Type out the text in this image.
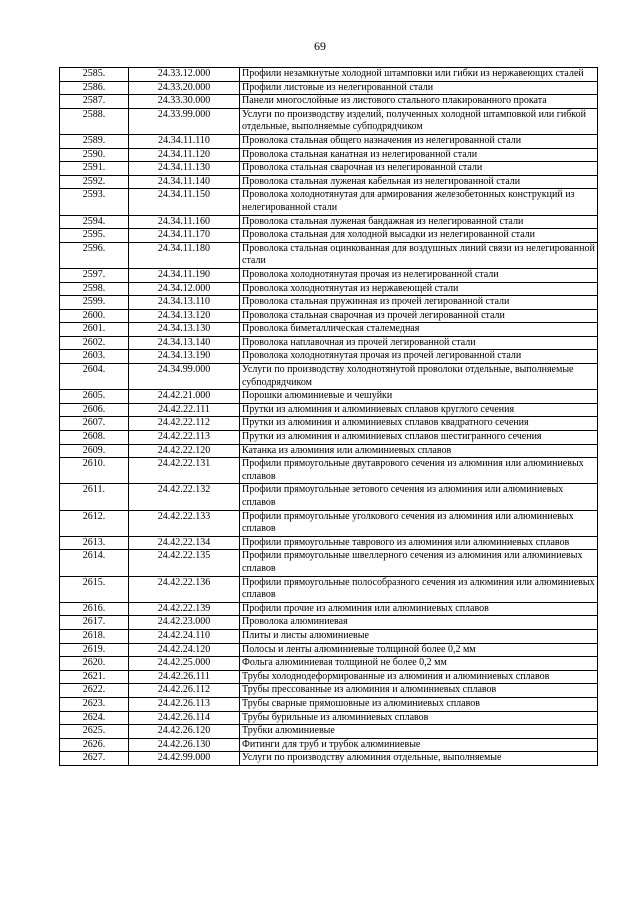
69
2585.	24.33.12.000	Профили незамкнутые холодной штамповки или гибки из нержавеющих сталей
2586.	24.33.20.000	Профили листовые из нелегированной стали
2587.	24.33.30.000	Панели многослойные из листового стального плакированного проката
2588.	24.33.99.000	Услуги по производству изделий, полученных холодной штамповкой или гибкой отдельные, выполняемые субподрядчиком
2589.	24.34.11.110	Проволока стальная общего назначения из нелегированной стали
2590.	24.34.11.120	Проволока стальная канатная из нелегированной стали
2591.	24.34.11.130	Проволока стальная сварочная из нелегированной стали
2592.	24.34.11.140	Проволока стальная луженая кабельная из нелегированной стали
2593.	24.34.11.150	Проволока холоднотянутая для армирования железобетонных конструкций из нелегированной стали
2594.	24.34.11.160	Проволока стальная луженая бандажная из нелегированной стали
2595.	24.34.11.170	Проволока стальная для холодной высадки из нелегированной стали
2596.	24.34.11.180	Проволока стальная оцинкованная для воздушных линий связи из нелегированной стали
2597.	24.34.11.190	Проволока холоднотянутая прочая из нелегированной стали
2598.	24.34.12.000	Проволока холоднотянутая из нержавеющей стали
2599.	24.34.13.110	Проволока стальная пружинная из прочей легированной стали
2600.	24.34.13.120	Проволока стальная сварочная из прочей легированной стали
2601.	24.34.13.130	Проволока биметаллическая сталемедная
2602.	24.34.13.140	Проволока наплавочная из прочей легированной стали
2603.	24.34.13.190	Проволока холоднотянутая прочая из прочей легированной стали
2604.	24.34.99.000	Услуги по производству холоднотянутой проволоки отдельные, выполняемые субподрядчиком
2605.	24.42.21.000	Порошки алюминиевые и чешуйки
2606.	24.42.22.111	Прутки из алюминия и алюминиевых сплавов круглого сечения
2607.	24.42.22.112	Прутки из алюминия и алюминиевых сплавов квадратного сечения
2608.	24.42.22.113	Прутки из алюминия и алюминиевых сплавов шестигранного сечения
2609.	24.42.22.120	Катанка из алюминия или алюминиевых сплавов
2610.	24.42.22.131	Профили прямоугольные двутаврового сечения из алюминия или алюминиевых сплавов
2611.	24.42.22.132	Профили прямоугольные зетового сечения из алюминия или алюминиевых сплавов
2612.	24.42.22.133	Профили прямоугольные уголкового сечения из алюминия или алюминиевых сплавов
2613.	24.42.22.134	Профили прямоугольные таврового из алюминия или алюминиевых сплавов
2614.	24.42.22.135	Профили прямоугольные швеллерного сечения из алюминия или алюминиевых сплавов
2615.	24.42.22.136	Профили прямоугольные полособразного сечения из алюминия или алюминиевых сплавов
2616.	24.42.22.139	Профили прочие из алюминия или алюминиевых сплавов
2617.	24.42.23.000	Проволока алюминиевая
2618.	24.42.24.110	Плиты и листы алюминиевые
2619.	24.42.24.120	Полосы и ленты алюминиевые толщиной более 0,2 мм
2620.	24.42.25.000	Фольга алюминиевая толщиной не более 0,2 мм
2621.	24.42.26.111	Трубы холоднодеформированные из алюминия и алюминиевых сплавов
2622.	24.42.26.112	Трубы прессованные из алюминия и алюминиевых сплавов
2623.	24.42.26.113	Трубы сварные прямошовные из алюминиевых сплавов
2624.	24.42.26.114	Трубы бурильные из алюминиевых сплавов
2625.	24.42.26.120	Трубки алюминиевые
2626.	24.42.26.130	Фитинги для труб и трубок алюминиевые
2627.	24.42.99.000	Услуги по производству алюминия отдельные, выполняемые
